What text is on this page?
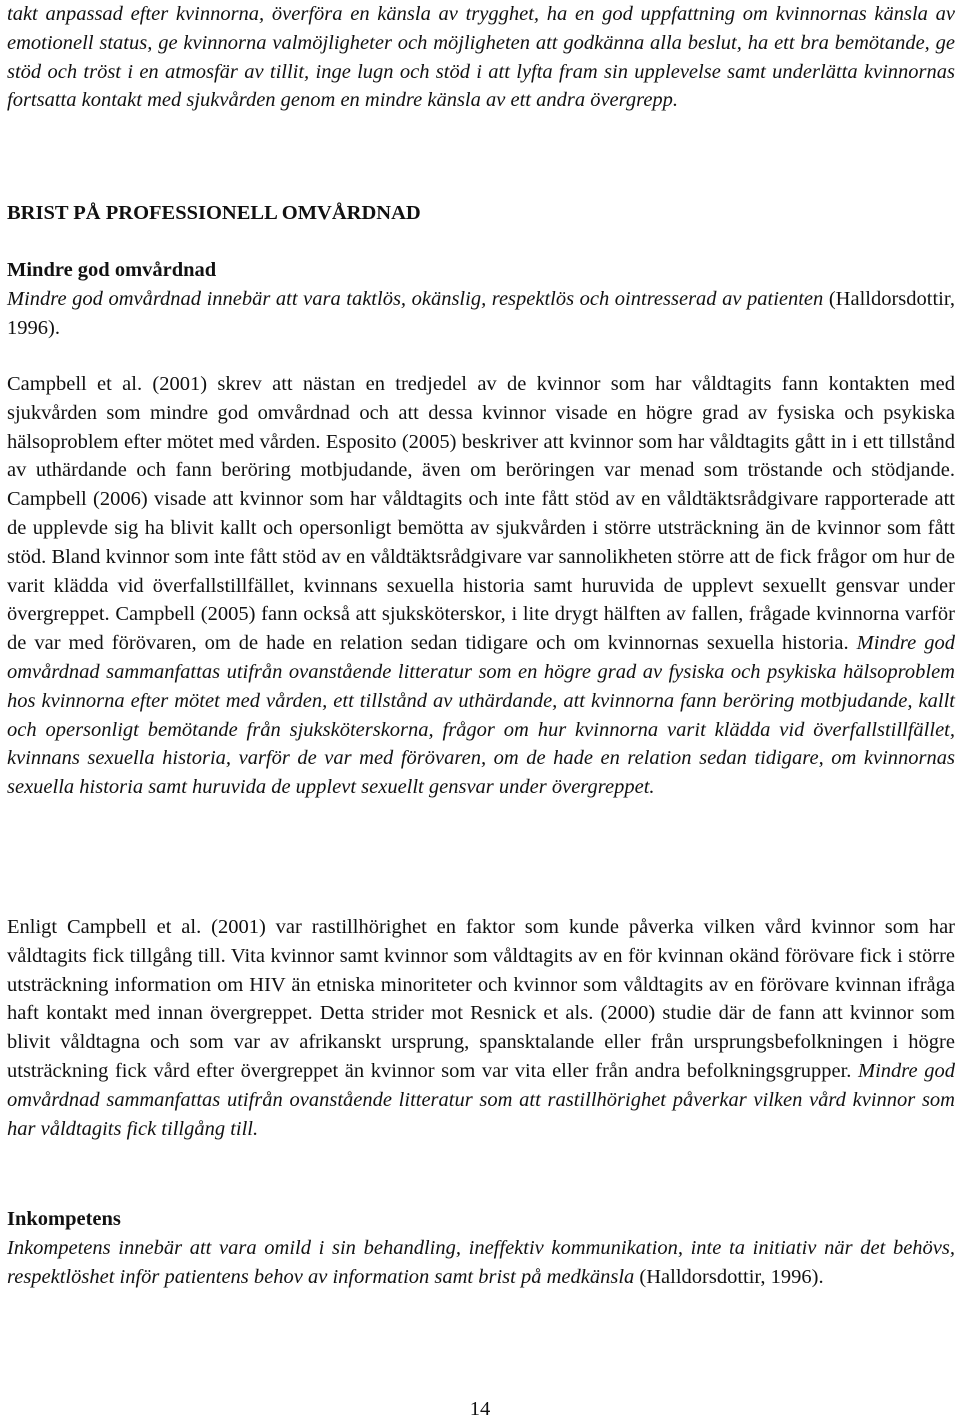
takt anpassad efter kvinnorna, överföra en känsla av trygghet, ha en god uppfattning om kvinnornas känsla av emotionell status, ge kvinnorna valmöjligheter och möjligheten att godkänna alla beslut, ha ett bra bemötande, ge stöd och tröst i en atmosfär av tillit, inge lugn och stöd i att lyfta fram sin upplevelse samt underlätta kvinnornas fortsatta kontakt med sjukvården genom en mindre känsla av ett andra övergrepp.

BRIST PÅ PROFESSIONELL OMVÅRDNAD
Mindre god omvårdnad

Mindre god omvårdnad innebär att vara taktlös, okänslig, respektlös och ointresserad av patienten (Halldorsdottir, 1996).

Campbell et al. (2001) skrev att nästan en tredjedel av de kvinnor som har våldtagits fann kontakten med sjukvården som mindre god omvårdnad och att dessa kvinnor visade en högre grad av fysiska och psykiska hälsoproblem efter mötet med vården. Esposito (2005) beskriver att kvinnor som har våldtagits gått in i ett tillstånd av uthärdande och fann beröring motbjudande, även om beröringen var menad som tröstande och stödjande. Campbell (2006) visade att kvinnor som har våldtagits och inte fått stöd av en våldtäktsrådgivare rapporterade att de upplevde sig ha blivit kallt och opersonligt bemötta av sjukvården i större utsträckning än de kvinnor som fått stöd. Bland kvinnor som inte fått stöd av en våldtäktsrådgivare var sannolikheten större att de fick frågor om hur de varit klädda vid överfallstillfället, kvinnans sexuella historia samt huruvida de upplevt sexuellt gensvar under övergreppet. Campbell (2005) fann också att sjuksköterskor, i lite drygt hälften av fallen, frågade kvinnorna varför de var med förövaren, om de hade en relation sedan tidigare och om kvinnornas sexuella historia. Mindre god omvårdnad sammanfattas utifrån ovanstående litteratur som en högre grad av fysiska och psykiska hälsoproblem hos kvinnorna efter mötet med vården, ett tillstånd av uthärdande, att kvinnorna fann beröring motbjudande, kallt och opersonligt bemötande från sjuksköterskorna, frågor om hur kvinnorna varit klädda vid överfallstillfället, kvinnans sexuella historia, varför de var med förövaren, om de hade en relation sedan tidigare, om kvinnornas sexuella historia samt huruvida de upplevt sexuellt gensvar under övergreppet.

Enligt Campbell et al. (2001) var rastillhörighet en faktor som kunde påverka vilken vård kvinnor som har våldtagits fick tillgång till. Vita kvinnor samt kvinnor som våldtagits av en för kvinnan okänd förövare fick i större utsträckning information om HIV än etniska minoriteter och kvinnor som våldtagits av en förövare kvinnan ifråga haft kontakt med innan övergreppet. Detta strider mot Resnick et als. (2000) studie där de fann att kvinnor som blivit våldtagna och som var av afrikanskt ursprung, spansktalande eller från ursprungsbefolkningen i högre utsträckning fick vård efter övergreppet än kvinnor som var vita eller från andra befolkningsgrupper. Mindre god omvårdnad sammanfattas utifrån ovanstående litteratur som att rastillhörighet påverkar vilken vård kvinnor som har våldtagits fick tillgång till.

Inkompetens

Inkompetens innebär att vara omild i sin behandling, ineffektiv kommunikation, inte ta initiativ när det behövs, respektlöshet inför patientens behov av information samt brist på medkänsla (Halldorsdottir, 1996).

14
